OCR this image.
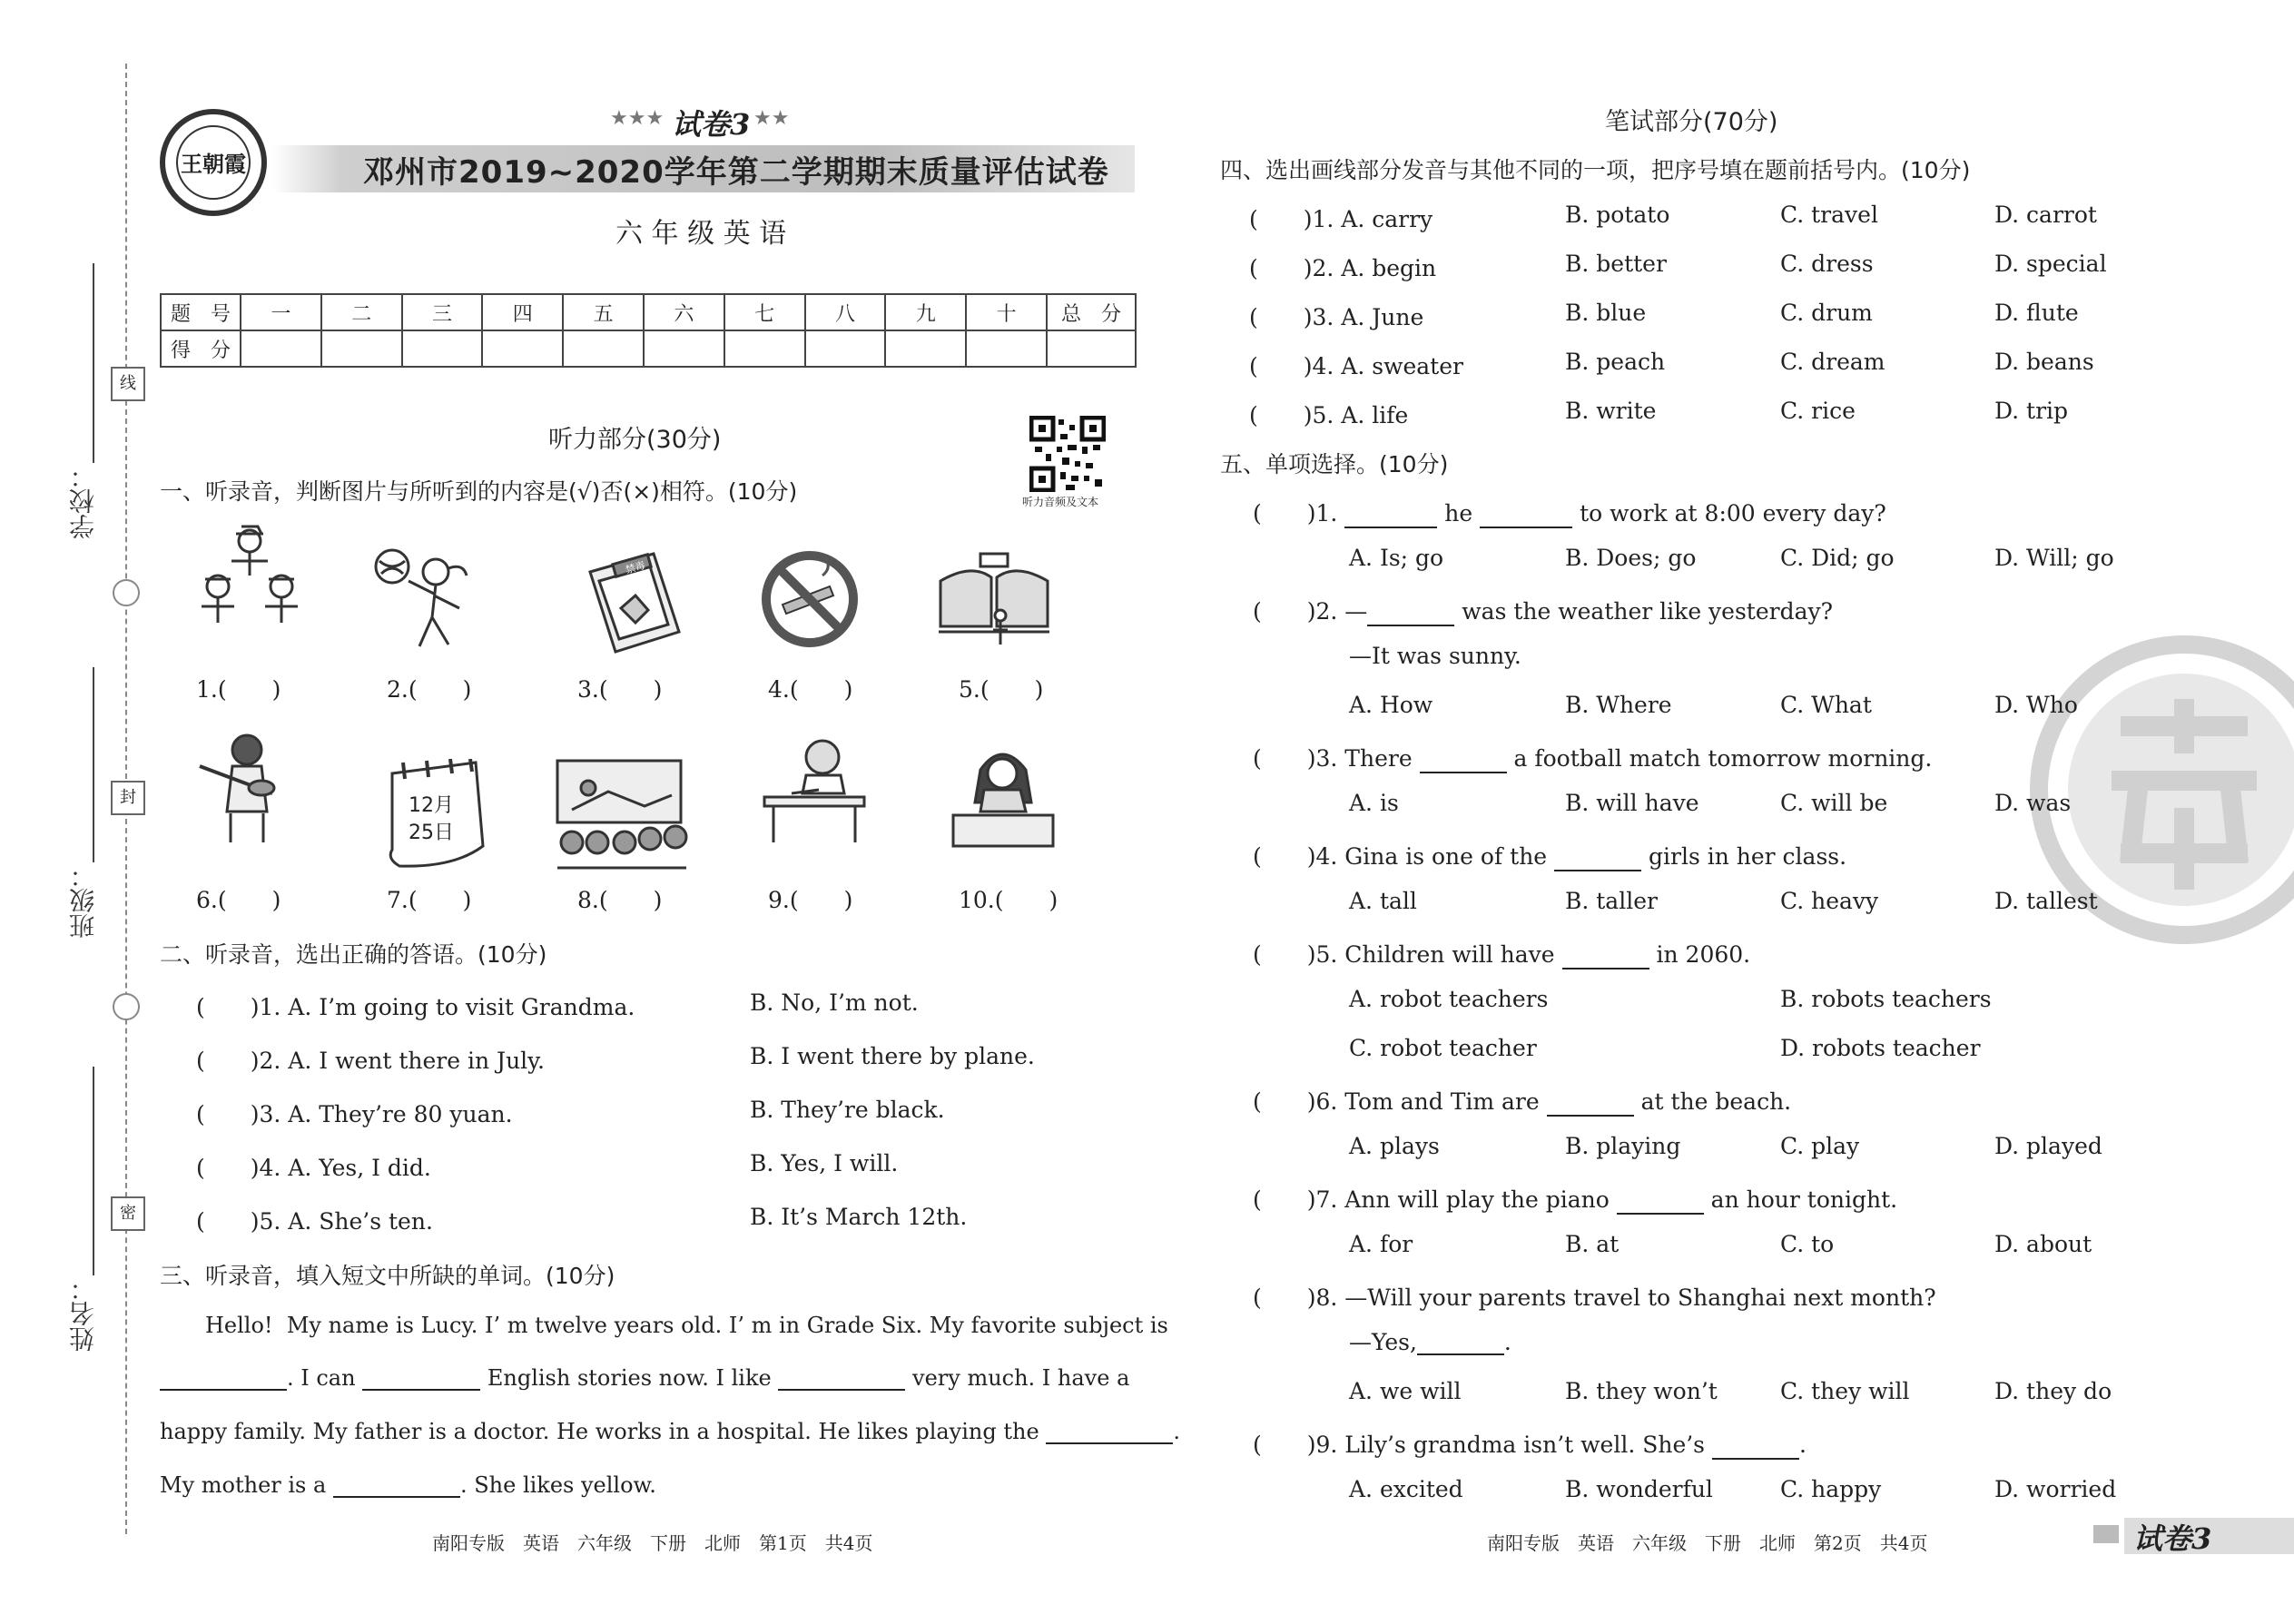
学校：
班级：
姓名：
线
封
密
王朝霞
★★★ 试卷3 ★★
邓州市2019~2020学年第二学期期末质量评估试卷
六 年 级 英 语
题　号	一	二	三	四	五	六	七	八	九	十	总　分
得　分											
听力部分(30分)
听力音频及文本
一、听录音，判断图片与所听到的内容是(√)否(×)相符。(10分)
禁毒
1.(　　)	2.(　　)	3.(　　)	4.(　　)	5.(　　)
12月
25日
6.(　　)	7.(　　)	8.(　　)	9.(　　)	10.(　　)
二、听录音，选出正确的答语。(10分)
(　　)1. A. I’m going to visit Grandma.	B. No, I’m not.
(　　)2. A. I went there in July.	B. I went there by plane.
(　　)3. A. They’re 80 yuan.	B. They’re black.
(　　)4. A. Yes, I did.	B. Yes, I will.
(　　)5. A. She’s ten.	B. It’s March 12th.
三、听录音，填入短文中所缺的单词。(10分)
Hello!  My name is Lucy. I’ m twelve years old. I’ m in Grade Six. My favorite subject is
. I can	English stories now. I like	very much. I have a
happy family. My father is a doctor. He works in a hospital. He likes playing the	.
My mother is a	. She likes yellow.
南阳专版　英语　六年级　下册　北师　第1页　共4页
笔试部分(70分)
四、选出画线部分发音与其他不同的一项，把序号填在题前括号内。(10分)
(　　)1. A. carry	B. potato	C. travel	D. carrot
(　　)2. A. begin	B. better	C. dress	D. special
(　　)3. A. June	B. blue	C. drum	D. flute
(　　)4. A. sweater	B. peach	C. dream	D. beans
(　　)5. A. life	B. write	C. rice	D. trip
五、单项选择。(10分)
(　　)1.	he	to work at 8:00 every day?
A. Is; go	B. Does; go	C. Did; go	D. Will; go
(　　)2. —	was the weather like yesterday?
—It was sunny.
A. How	B. Where	C. What	D. Who
(　　)3. There	a football match tomorrow morning.
A. is	B. will have	C. will be	D. was
(　　)4. Gina is one of the	girls in her class.
A. tall	B. taller	C. heavy	D. tallest
(　　)5. Children will have	in 2060.
A. robot teachers	B. robots teachers
C. robot teacher	D. robots teacher
(　　)6. Tom and Tim are	at the beach.
A. plays	B. playing	C. play	D. played
(　　)7. Ann will play the piano	an hour tonight.
A. for	B. at	C. to	D. about
(　　)8. —Will your parents travel to Shanghai next month?
—Yes,	.
A. we will	B. they won’t	C. they will	D. they do
(　　)9. Lily’s grandma isn’t well. She’s	.
A. excited	B. wonderful	C. happy	D. worried
南阳专版　英语　六年级　下册　北师　第2页　共4页	试卷3
